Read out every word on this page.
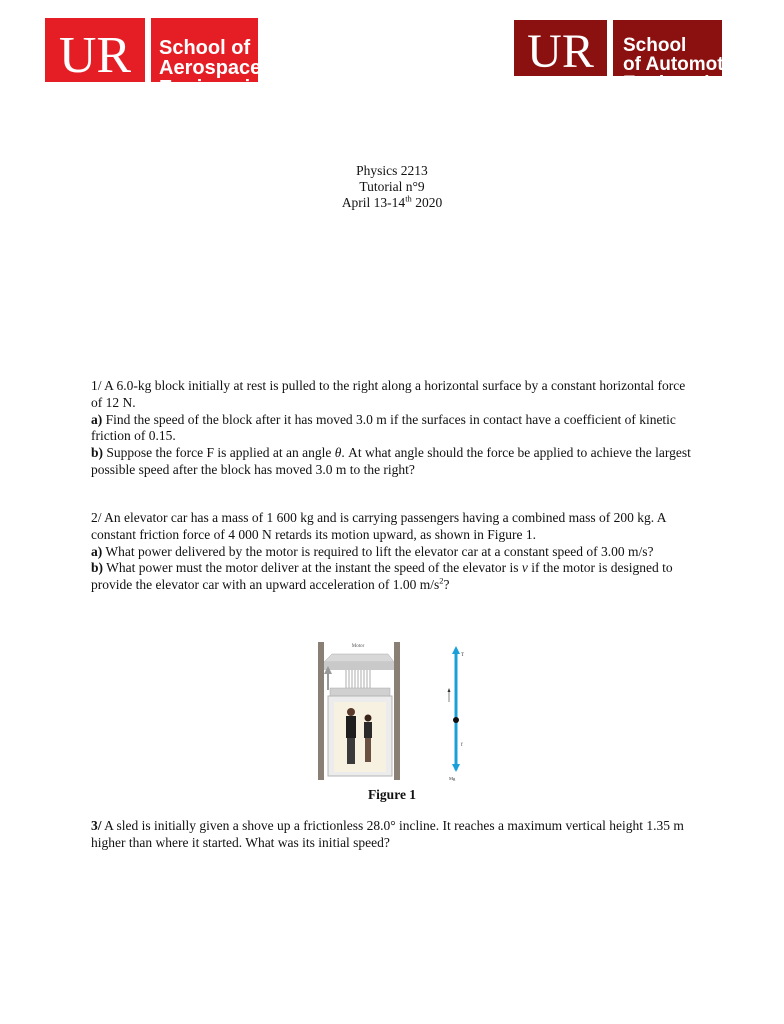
UR	School of
Aerospace
Engineering
UR	School
of Automotive
Engineering
Physics 2213
Tutorial n°9
April 13-14th 2020

1/ A 6.0-kg block initially at rest is pulled to the right along a horizontal surface by a constant horizontal force of 12 N.

a) Find the speed of the block after it has moved 3.0 m if the surfaces in contact have a coefficient of kinetic friction of 0.15.

b) Suppose the force F is applied at an angle θ. At what angle should the force be applied to achieve the largest possible speed after the block has moved 3.0 m to the right?

2/ An elevator car has a mass of 1 600 kg and is carrying passengers having a combined mass of 200 kg. A constant friction force of 4 000 N retards its motion upward, as shown in Figure 1.

a) What power delivered by the motor is required to lift the elevator car at a constant speed of 3.00 m/s?

b) What power must the motor deliver at the instant the speed of the elevator is v if the motor is designed to provide the elevator car with an upward acceleration of 1.00 $m/s^2$?

Motor
T
f
Mg
Figure 1

3/ A sled is initially given a shove up a frictionless 28.0° incline. It reaches a maximum vertical height 1.35 m higher than where it started. What was its initial speed?
